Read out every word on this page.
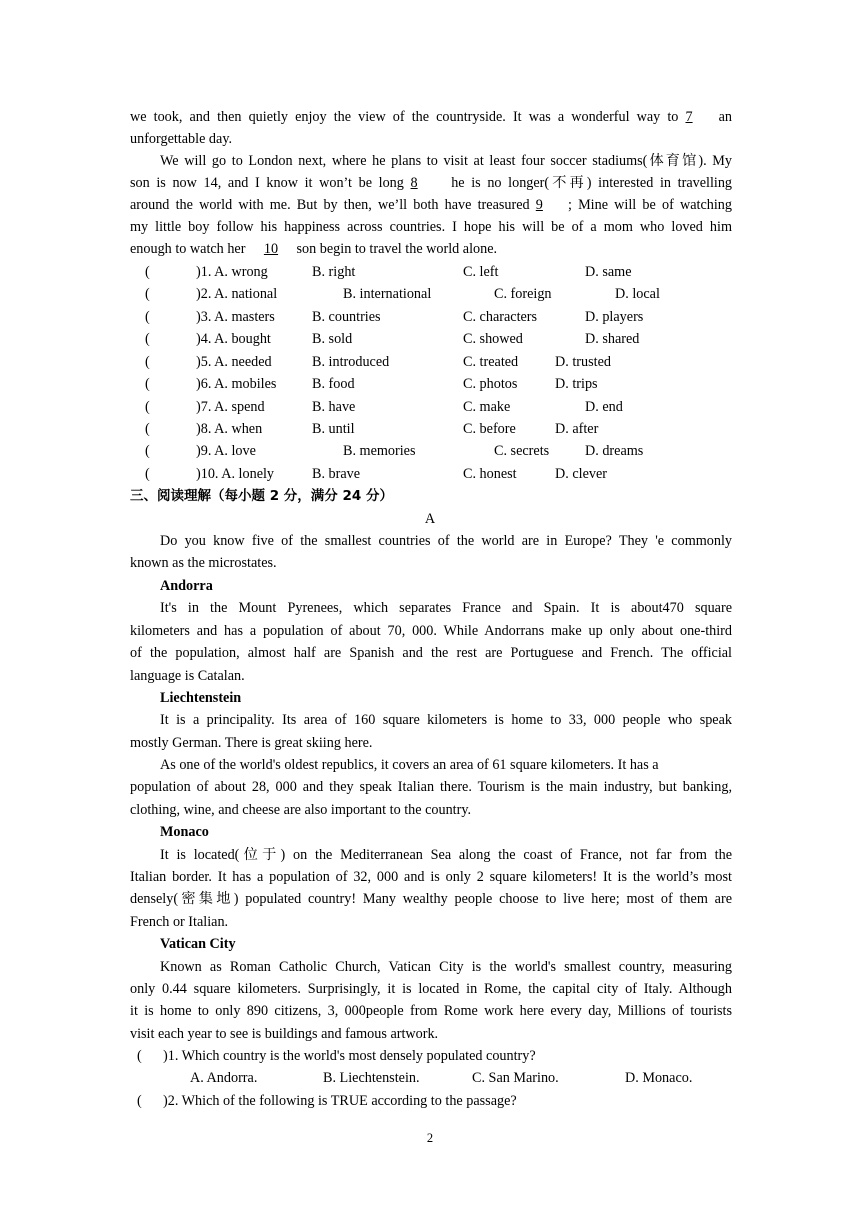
we took, and then quietly enjoy the view of the countryside. It was a wonderful way to 7 an
unforgettable day.
We will go to London next, where he plans to visit at least four soccer stadiums(体育馆). My
son is now 14, and I know it won’t be long 8 he is no longer(不再) interested in travelling
around the world with me. But by then, we’ll both have treasured 9 ; Mine will be of watching
my little boy follow his happiness across countries. I hope his will be of a mom who loved him
enough to watch her 10 son begin to travel the world alone.
(	)1. A. wrong	B. right	C. left	D. same
(	)2. A. national	B. international	C. foreign	D. local
(	)3. A. masters	B. countries	C. characters	D. players
(	)4. A. bought	B. sold	C. showed	D. shared
(	)5. A. needed	B. introduced	C. treated	D. trusted
(	)6. A. mobiles	B. food	C. photos	D. trips
(	)7. A. spend	B. have	C. make	D. end
(	)8. A. when	B. until	C. before	D. after
(	)9. A. love	B. memories	C. secrets	D. dreams
(	)10. A. lonely	B. brave	C. honest	D. clever
三、阅读理解（每小题 2 分，满分 24 分）
A
Do you know five of the smallest countries of the world are in Europe? They 'e commonly
known as the microstates.
Andorra
It's in the Mount Pyrenees, which separates France and Spain. It is about470 square
kilometers and has a population of about 70, 000. While Andorrans make up only about one-third
of the population, almost half are Spanish and the rest are Portuguese and French. The official
language is Catalan.
Liechtenstein
It is a principality. Its area of 160 square kilometers is home to 33, 000 people who speak
mostly German. There is great skiing here.
As one of the world's oldest republics, it covers an area of 61 square kilometers. It has a
population of about 28, 000 and they speak Italian there. Tourism is the main industry, but banking,
clothing, wine, and cheese are also important to the country.
Monaco
It is located(位于) on the Mediterranean Sea along the coast of France, not far from the
Italian border. It has a population of 32, 000 and is only 2 square kilometers! It is the world’s most
densely(密集地) populated country! Many wealthy people choose to live here; most of them are
French or Italian.
Vatican City
Known as Roman Catholic Church, Vatican City is the world's smallest country, measuring
only 0.44 square kilometers. Surprisingly, it is located in Rome, the capital city of Italy. Although
it is home to only 890 citizens, 3, 000people from Rome work here every day, Millions of tourists
visit each year to see is buildings and famous artwork.
(      )1. Which country is the world's most densely populated country?
A. Andorra.	B. Liechtenstein.	C. San Marino.	D. Monaco.
(      )2. Which of the following is TRUE according to the passage?
2
